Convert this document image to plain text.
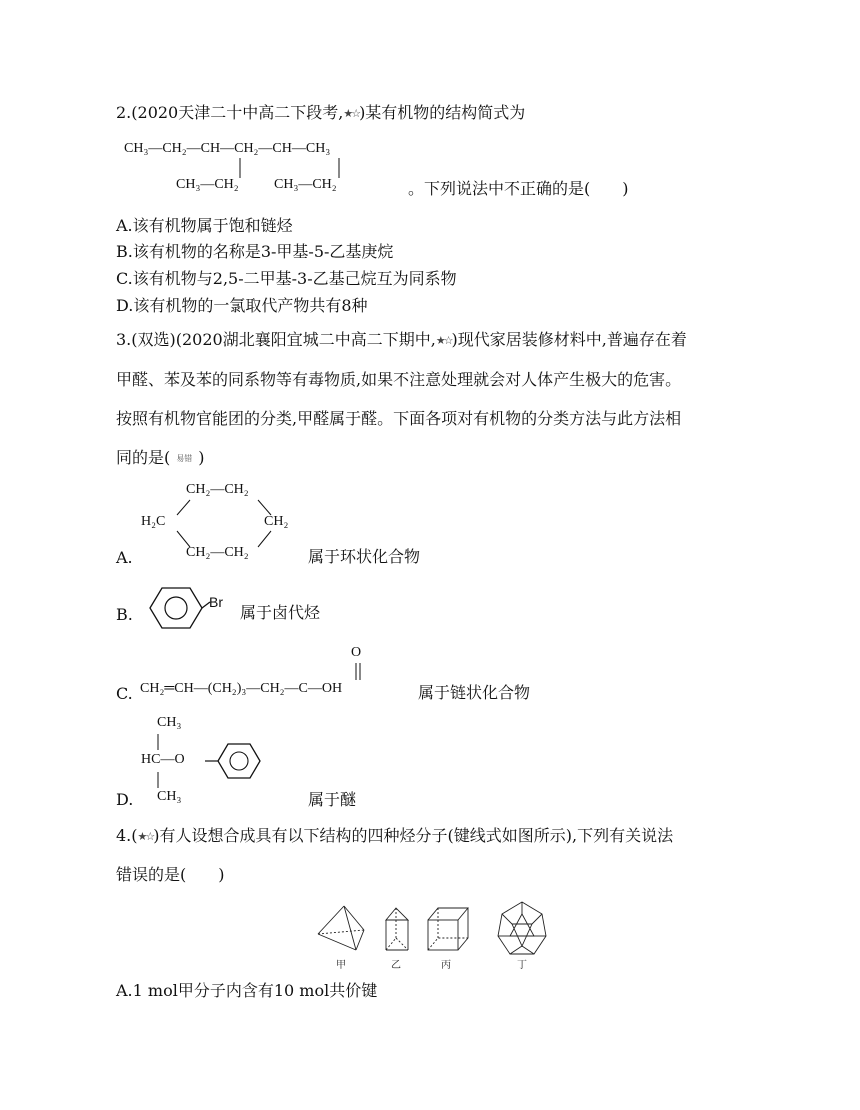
2.(2020天津二十中高二下段考,★☆)某有机物的结构简式为
CH₃—CH₂—CH—CH₂—CH—CH₃
CH₃—CH₂	CH₃—CH₂	。下列说法中不正确的是(　　)
A.该有机物属于饱和链烃
B.该有机物的名称是3-甲基-5-乙基庚烷
C.该有机物与2,5-二甲基-3-乙基己烷互为同系物
D.该有机物的一氯取代产物共有8种
3.(双选)(2020湖北襄阳宜城二中高二下期中,★☆)现代家居装修材料中,普遍存在着
甲醛、苯及苯的同系物等有毒物质,如果不注意处理就会对人体产生极大的危害。
按照有机物官能团的分类,甲醛属于醛。下面各项对有机物的分类方法与此方法相
同的是( 易错 )
A.
CH₂—CH₂
H₂C	CH₂
CH₂—CH₂	属于环状化合物
B.
Br
属于卤代烃
O
C. CH₂═CH—(CH₂)₃—CH₂—C—OH	属于链状化合物
CH₃
HC—O
CH₃
D.	属于醚
4.(★☆)有人设想合成具有以下结构的四种烃分子(键线式如图所示),下列有关说法
错误的是(　　)
甲	乙	丙	丁
A.1 mol甲分子内含有10 mol共价键
